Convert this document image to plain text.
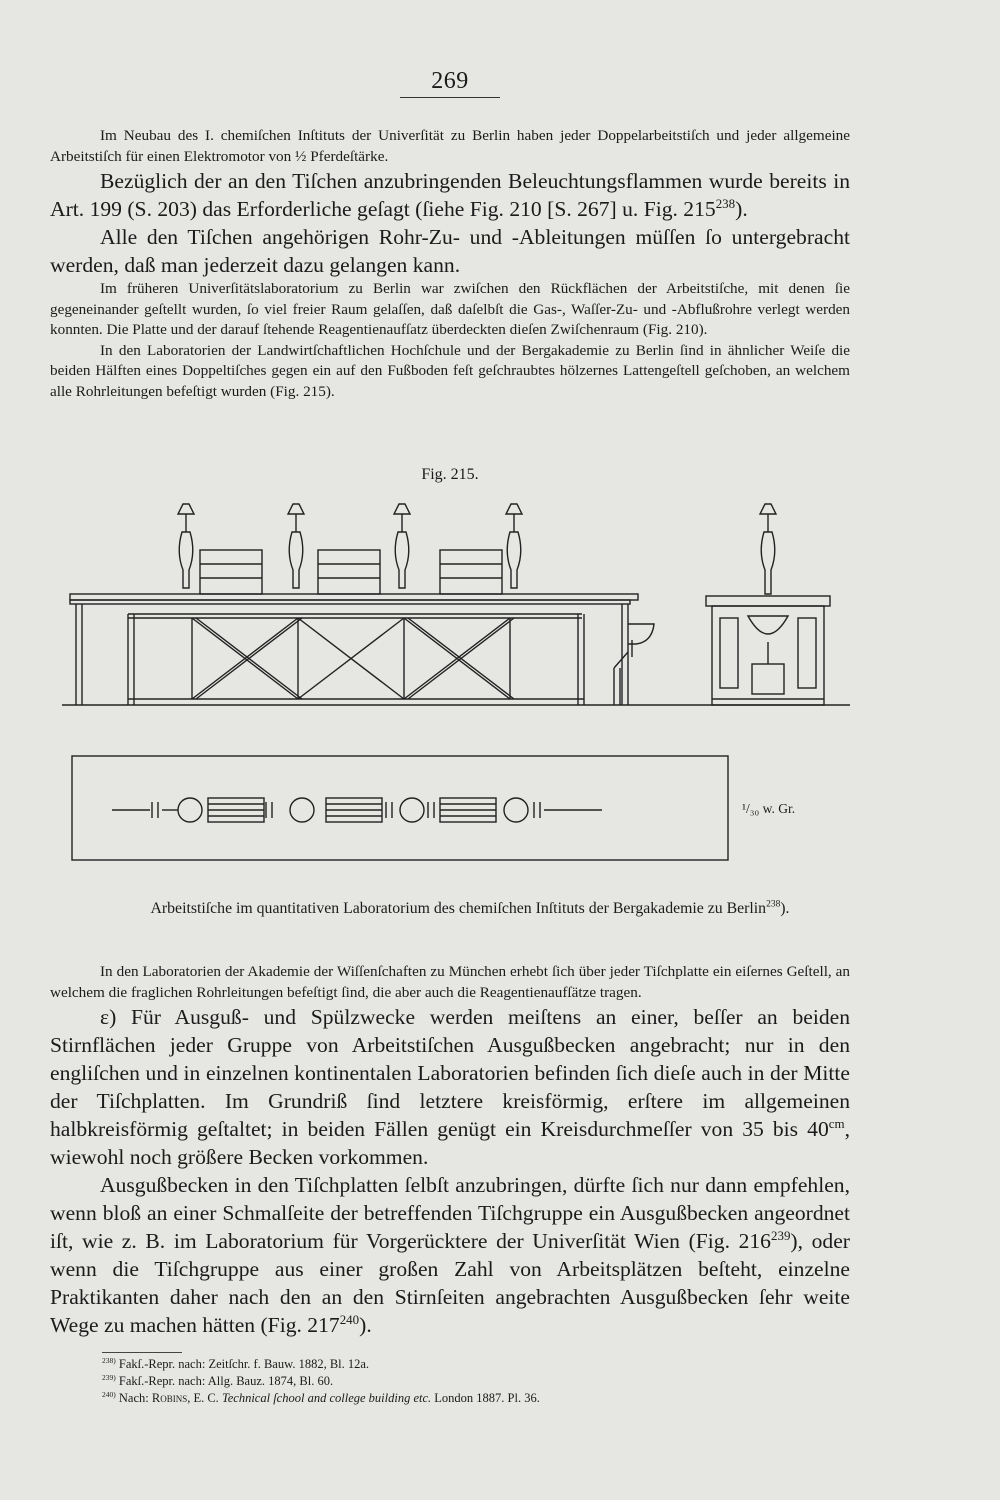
269

Im Neubau des I. chemiſchen Inſtituts der Univerſität zu Berlin haben jeder Doppelarbeitstiſch und jeder allgemeine Arbeitstiſch für einen Elektromotor von ½ Pferdeſtärke.

Bezüglich der an den Tiſchen anzubringenden Beleuchtungsflammen wurde bereits in Art. 199 (S. 203) das Erforderliche geſagt (ſiehe Fig. 210 [S. 267] u. Fig. $215^{238}$).

Alle den Tiſchen angehörigen Rohr-Zu- und -Ableitungen müſſen ſo untergebracht werden, daß man jederzeit dazu gelangen kann.

Im früheren Univerſitätslaboratorium zu Berlin war zwiſchen den Rückflächen der Arbeitstiſche, mit denen ſie gegeneinander geſtellt wurden, ſo viel freier Raum gelaſſen, daß daſelbſt die Gas-, Waſſer-Zu- und -Abflußrohre verlegt werden konnten. Die Platte und der darauf ſtehende Reagentienaufſatz überdeckten dieſen Zwiſchenraum (Fig. 210).

In den Laboratorien der Landwirtſchaftlichen Hochſchule und der Bergakademie zu Berlin ſind in ähnlicher Weiſe die beiden Hälften eines Doppeltiſches gegen ein auf den Fußboden feſt geſchraubtes hölzernes Lattengeſtell geſchoben, an welchem alle Rohrleitungen befeſtigt wurden (Fig. 215).

Fig. 215.
¹/₃₀ w. Gr.
Arbeitstiſche im quantitativen Laboratorium des chemiſchen Inſtituts der Bergakademie zu Berlin$^{238}$).

In den Laboratorien der Akademie der Wiſſenſchaften zu München erhebt ſich über jeder Tiſchplatte ein eiſernes Geſtell, an welchem die fraglichen Rohrleitungen befeſtigt ſind, die aber auch die Reagentienaufſätze tragen.

ε) Für Ausguß- und Spülzwecke werden meiſtens an einer, beſſer an beiden Stirnflächen jeder Gruppe von Arbeitstiſchen Ausgußbecken angebracht; nur in den engliſchen und in einzelnen kontinentalen Laboratorien befinden ſich dieſe auch in der Mitte der Tiſchplatten. Im Grundriß ſind letztere kreisförmig, erſtere im allgemeinen halbkreisförmig geſtaltet; in beiden Fällen genügt ein Kreisdurchmeſſer von 35 bis $40^{cm}$, wiewohl noch größere Becken vorkommen.

Ausgußbecken in den Tiſchplatten ſelbſt anzubringen, dürfte ſich nur dann empfehlen, wenn bloß an einer Schmalſeite der betreffenden Tiſchgruppe ein Ausgußbecken angeordnet iſt, wie z. B. im Laboratorium für Vorgerücktere der Univerſität Wien (Fig. $216^{239}$), oder wenn die Tiſchgruppe aus einer großen Zahl von Arbeitsplätzen beſteht, einzelne Praktikanten daher nach den an den Stirnſeiten angebrachten Ausgußbecken ſehr weite Wege zu machen hätten (Fig. $217^{240}$).

$^{238)}$ Fakſ.-Repr. nach: Zeitſchr. f. Bauw. 1882, Bl. 12a.
$^{239)}$ Fakſ.-Repr. nach: Allg. Bauz. 1874, Bl. 60.
$^{240)}$ Nach: Robins, E. C. Technical ſchool and college building etc. London 1887. Pl. 36.
